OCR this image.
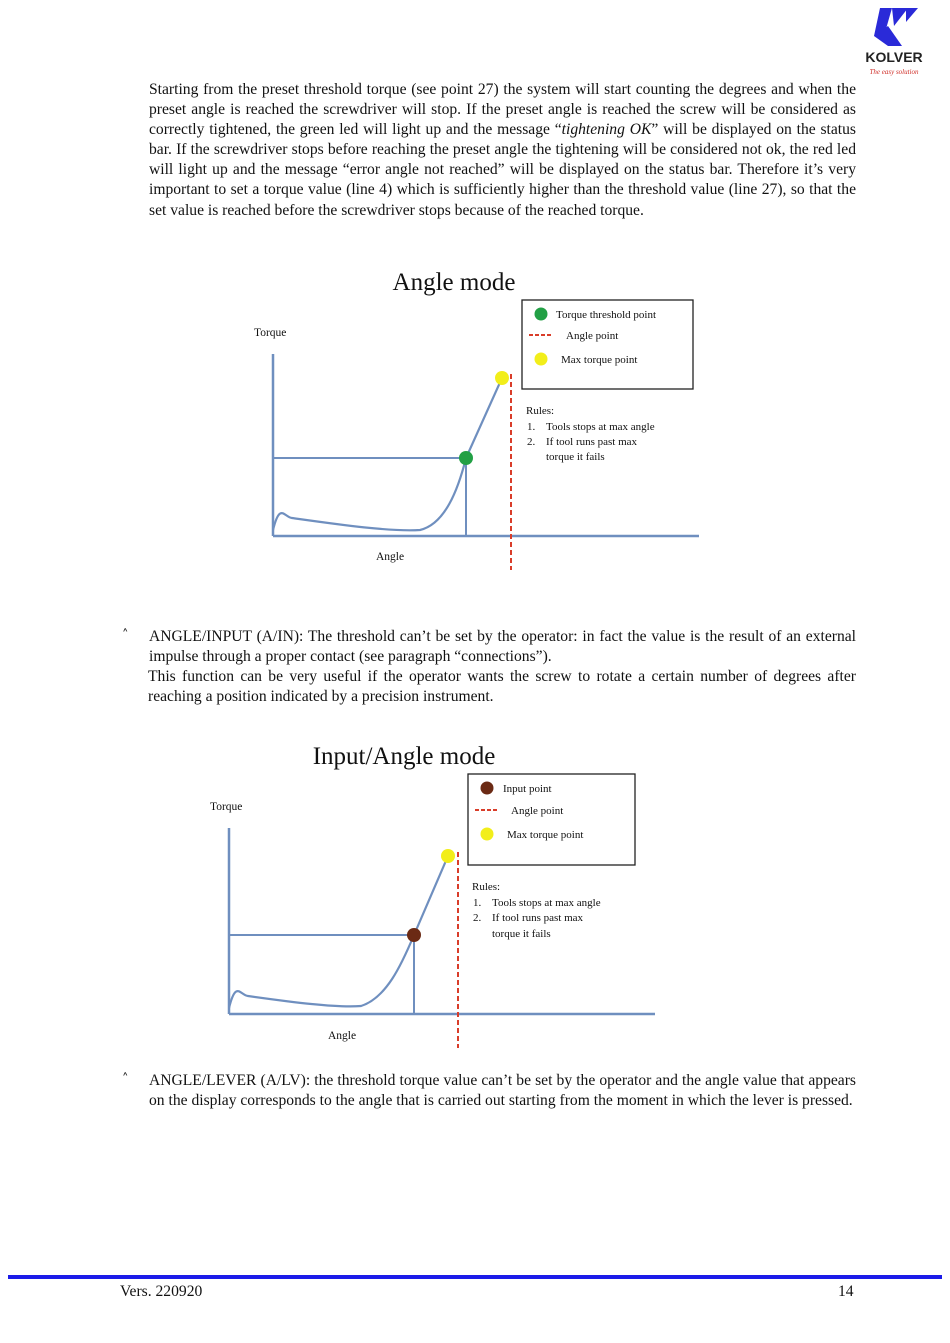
KOLVER
The easy solution

Starting from the preset threshold torque (see point 27) the system will start counting the degrees and when the preset angle is reached the screwdriver will stop. If the preset angle is reached the screw will be considered as correctly tightened, the green led will light up and the message “tightening OK” will be displayed on the status bar. If the screwdriver stops before reaching the preset angle the tightening will be considered not ok, the red led will light up and the message “error angle not reached” will be displayed on the status bar. Therefore it’s very important to set a torque value (line 4) which is sufficiently higher than the threshold value (line 27), so that the set value is reached before the screwdriver stops because of the reached torque.

Angle mode
Torque
Angle
Torque threshold point
Angle point
Max torque point
Rules:
1. Tools stops at max angle
2. If tool runs past max
torque it fails
˄ ANGLE/INPUT (A/IN): The threshold can’t be set by the operator: in fact the value is the result of an external impulse through a proper contact (see paragraph “connections”).

This function can be very useful if the operator wants the screw to rotate a certain number of degrees after reaching a position indicated by a precision instrument.

Input/Angle mode
Torque
Angle
Input point
Angle point
Max torque point
Rules:
1. Tools stops at max angle
2. If tool runs past max
torque it fails
˄ ANGLE/LEVER (A/LV): the threshold torque value can’t be set by the operator and the angle value that appears on the display corresponds to the angle that is carried out starting from the moment in which the lever is pressed.

Vers. 220920	14
